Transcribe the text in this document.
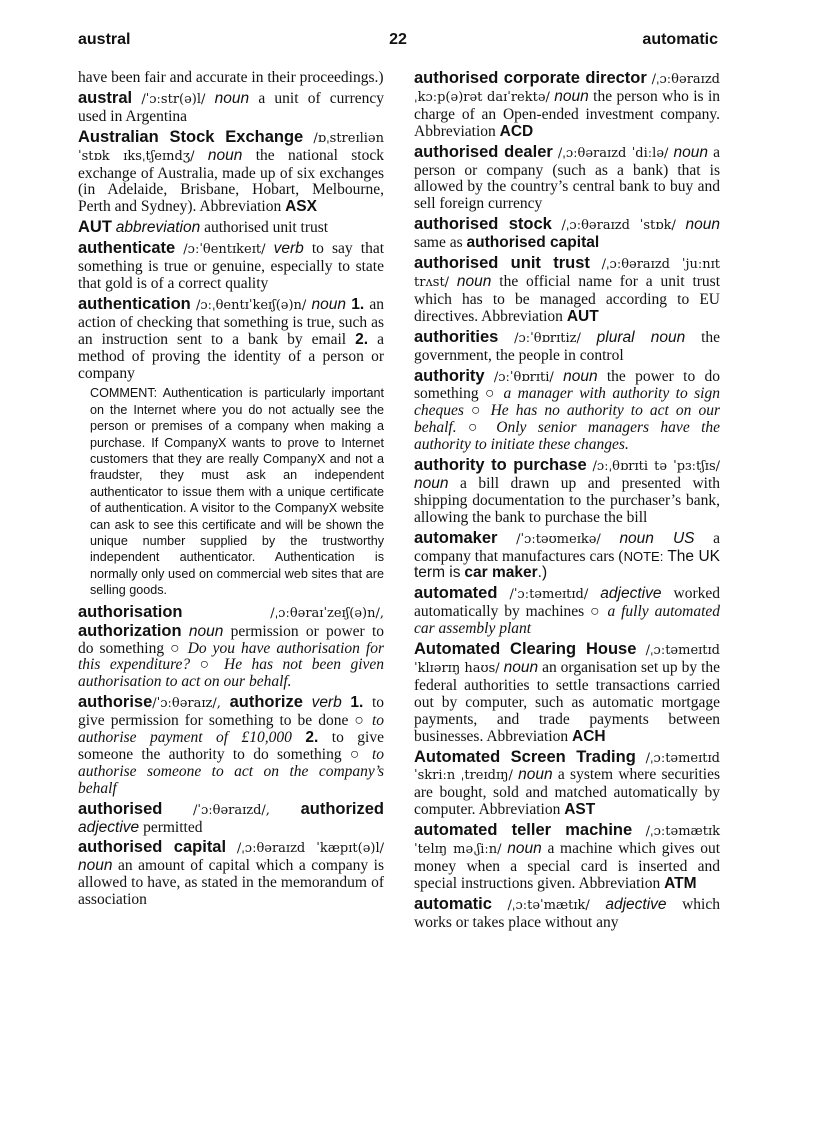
austral	22	automatic

have been fair and accurate in their proceedings.)

austral /ˈɔːstr(ə)l/ noun a unit of currency used in Argentina

Australian Stock Exchange /ɒˌstreɪliən ˈstɒk ɪksˌtʃeɪndʒ/ noun the national stock exchange of Australia, made up of six exchanges (in Adelaide, Brisbane, Hobart, Melbourne, Perth and Sydney). Abbreviation ASX

AUT abbreviation authorised unit trust

authenticate /ɔːˈθentɪkeɪt/ verb to say that something is true or genuine, especially to state that gold is of a correct quality

authentication /ɔːˌθentɪˈkeɪʃ(ə)n/ noun 1. an action of checking that something is true, such as an instruction sent to a bank by email 2. a method of proving the identity of a person or company

COMMENT: Authentication is particularly important on the Internet where you do not actually see the person or premises of a company when making a purchase. If CompanyX wants to prove to Internet customers that they are really CompanyX and not a fraudster, they must ask an independent authenticator to issue them with a unique certificate of authentication. A visitor to the CompanyX website can ask to see this certificate and will be shown the unique number supplied by the trustworthy independent authenticator. Authentication is normally only used on commercial web sites that are selling goods.

authorisation	/ˌɔːθəraɪˈzeɪʃ(ə)n/, authorization noun permission or power to do something ○ Do you have authorisation for this expenditure? ○ He has not been given authorisation to act on our behalf.

authorise/ˈɔːθəraɪz/, authorize verb 1. to give permission for something to be done ○ to authorise payment of £10,000 2. to give someone the authority to do something ○ to authorise someone to act on the company’s behalf

authorised /ˈɔːθəraɪzd/, authorized adjective permitted

authorised capital /ˌɔːθəraɪzd ˈkæpɪt(ə)l/ noun an amount of capital which a company is allowed to have, as stated in the memorandum of association

authorised corporate director /ˌɔːθəraɪzd ˌkɔːp(ə)rət daɪˈrektə/ noun the person who is in charge of an Open-ended investment company. Abbreviation ACD

authorised dealer /ˌɔːθəraɪzd ˈdiːlə/ noun a person or company (such as a bank) that is allowed by the country’s central bank to buy and sell foreign currency

authorised stock /ˌɔːθəraɪzd ˈstɒk/ noun same as authorised capital

authorised unit trust /ˌɔːθəraɪzd ˈjuːnɪt trʌst/ noun the official name for a unit trust which has to be managed according to EU directives. Abbreviation AUT

authorities /ɔːˈθɒrɪtiz/ plural noun the government, the people in control

authority /ɔːˈθɒrɪti/ noun the power to do something ○ a manager with authority to sign cheques ○ He has no authority to act on our behalf. ○ Only senior managers have the authority to initiate these changes.

authority to purchase /ɔːˌθɒrɪti tə ˈpɜːtʃɪs/ noun a bill drawn up and presented with shipping documentation to the purchaser’s bank, allowing the bank to purchase the bill

automaker /ˈɔːtəʊmeɪkə/ noun US a company that manufactures cars (NOTE: The UK term is car maker.)

automated /ˈɔːtəmeɪtɪd/ adjective worked automatically by machines ○ a fully automated car assembly plant

Automated Clearing House /ˌɔːtəmeɪtɪd ˈklɪərɪŋ haʊs/ noun an organisation set up by the federal authorities to settle transactions carried out by computer, such as automatic mortgage payments, and trade payments between businesses. Abbreviation ACH

Automated Screen Trading /ˌɔːtəmeɪtɪd ˈskriːn ˌtreɪdɪŋ/ noun a system where securities are bought, sold and matched automatically by computer. Abbreviation AST

automated teller machine /ˌɔːtəmætɪk ˈtelɪŋ məˌʃiːn/ noun a machine which gives out money when a special card is inserted and special instructions given. Abbreviation ATM

automatic /ˌɔːtəˈmætɪk/ adjective which works or takes place without any
